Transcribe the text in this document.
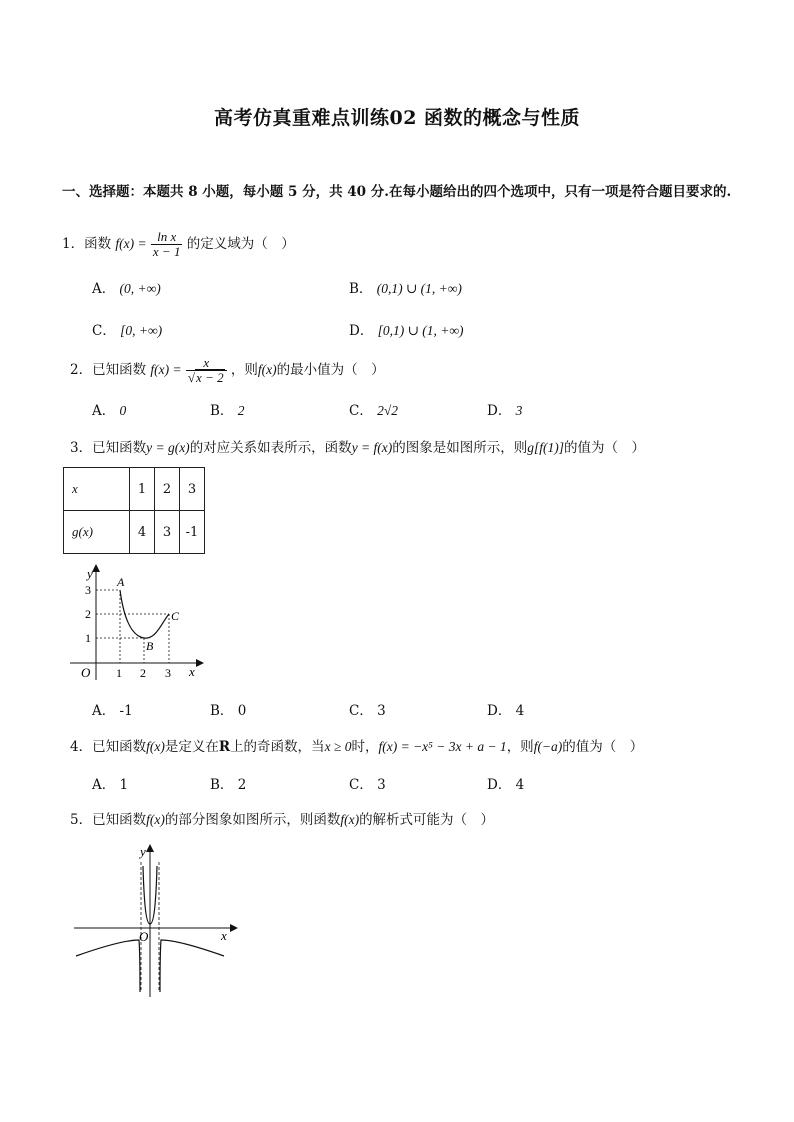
高考仿真重难点训练02 函数的概念与性质
一、选择题：本题共 8 小题，每小题 5 分，共 40 分.在每小题给出的四个选项中，只有一项是符合题目要求的.
1．函数 $f(x) = \frac{\text{ln x}}{x - 1}$ 的定义域为（　）
A． (0, +∞)	B． (0,1) ∪ (1, +∞)
C． [0, +∞)	D． [0,1) ∪ (1, +∞)
2．已知函数 $f(x) = \frac{x}{√x - 2}$ ，则f(x)的最小值为（　）
A． 0	B． 2	C． 2√2	D． 3
3．已知函数y = g(x)的对应关系如表所示，函数y = f(x)的图象是如图所示，则g[f(1)]的值为（　）
x	1	2	3
g(x)	4	3	-1
y
x
O 1 2 3
1
2
3
A
B
C
A． -1	B． 0	C． 3	D． 4
4．已知函数f(x)是定义在R上的奇函数，当x ≥ 0时，f(x) = −x⁵ − 3x + a − 1，则f(−a)的值为（　）
A． 1	B． 2	C． 3	D． 4
5．已知函数f(x)的部分图象如图所示，则函数f(x)的解析式可能为（　）
y
x
O
